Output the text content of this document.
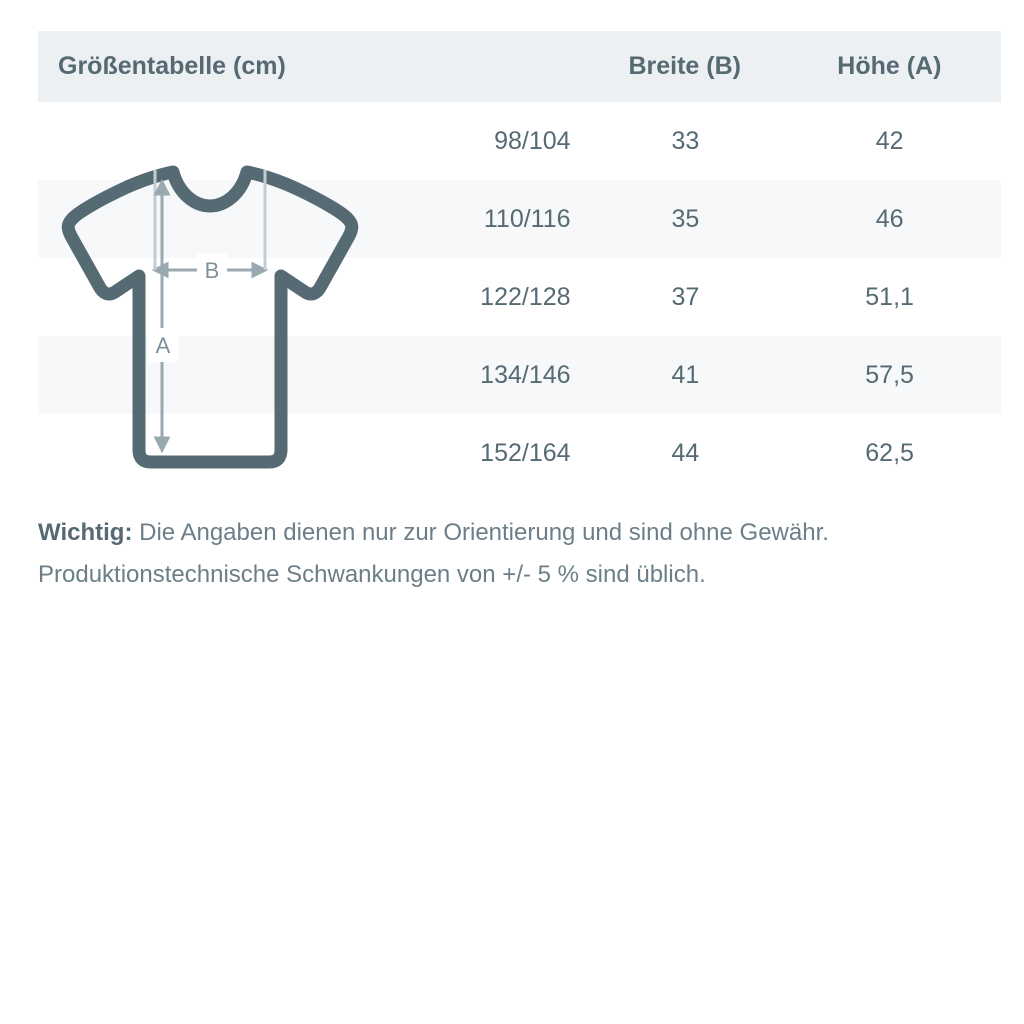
Größentabelle (cm)	Breite (B)	Höhe (A)
98/104	33	42
110/116	35	46
122/128	37	51,1
134/146	41	57,5
152/164	44	62,5
B
A
Wichtig: Die Angaben dienen nur zur Orientierung und sind ohne Gewähr.
Produktionstechnische Schwankungen von +/- 5 % sind üblich.
